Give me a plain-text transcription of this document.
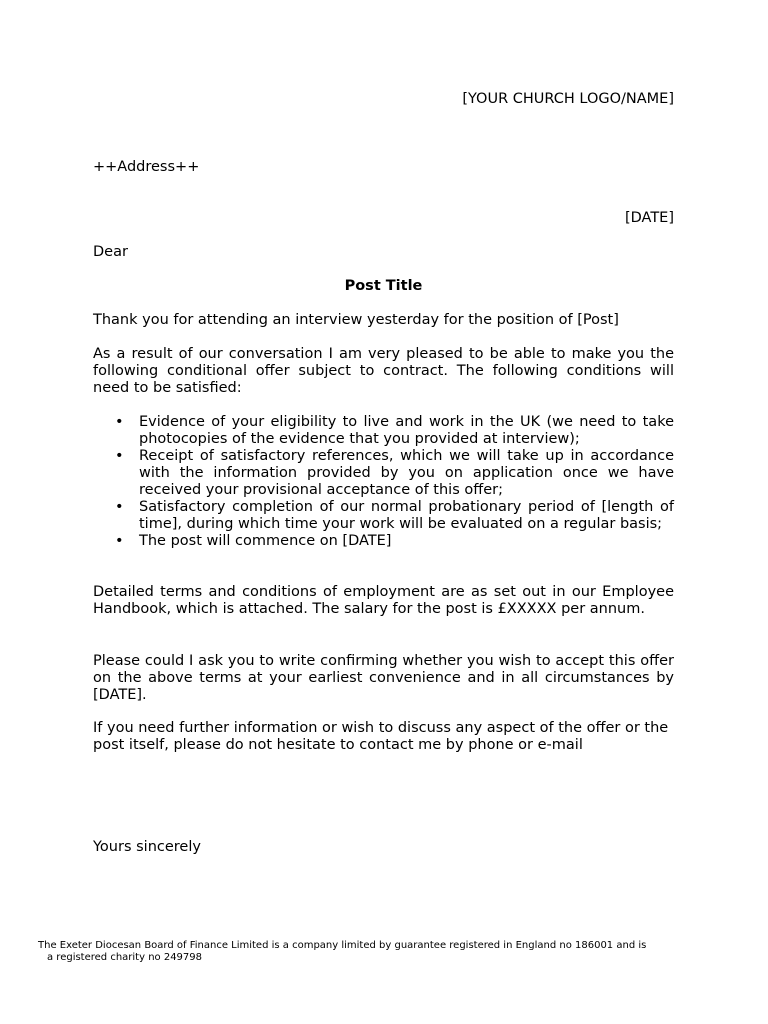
[YOUR CHURCH LOGO/NAME]
++Address++
[DATE]
Dear
Post Title
Thank you for attending an interview yesterday for the position of [Post]
As a result of our conversation I am very pleased to be able to make you the following conditional offer subject to contract. The following conditions will need to be satisfied:
• Evidence of your eligibility to live and work in the UK (we need to take photocopies of the evidence that you provided at interview);
• Receipt of satisfactory references, which we will take up in accordance with the information provided by you on application once we have received your provisional acceptance of this offer;
• Satisfactory completion of our normal probationary period of [length of time], during which time your work will be evaluated on a regular basis;
• The post will commence on [DATE]
Detailed terms and conditions of employment are as set out in our Employee Handbook, which is attached. The salary for the post is £XXXXX per annum.
Please could I ask you to write confirming whether you wish to accept this offer on the above terms at your earliest convenience and in all circumstances by [DATE].
If you need further information or wish to discuss any aspect of the offer or the post itself, please do not hesitate to contact me by phone or e-mail
Yours sincerely
The Exeter Diocesan Board of Finance Limited is a company limited by guarantee registered in England no 186001 and is
a registered charity no 249798
